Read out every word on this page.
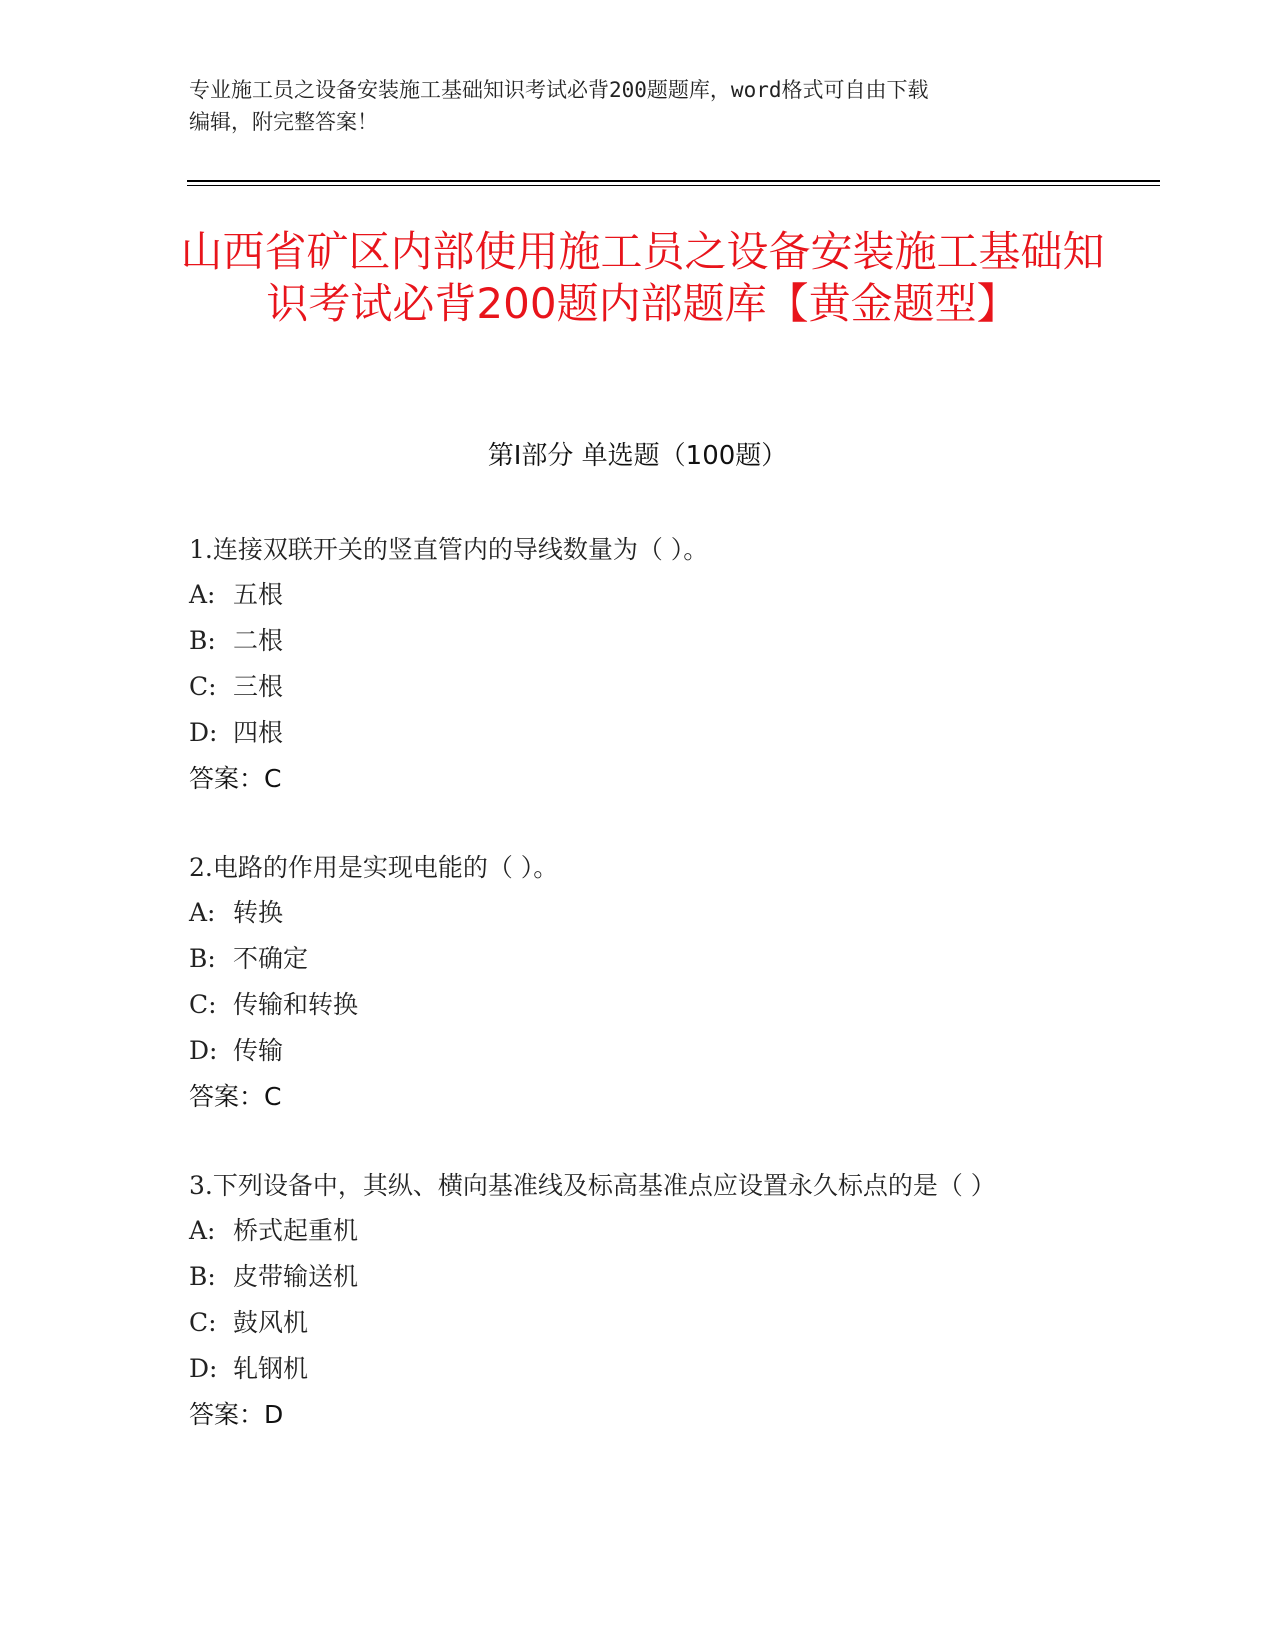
专业施工员之设备安装施工基础知识考试必背200题题库，word格式可自由下载
编辑，附完整答案！
山西省矿区内部使用施工员之设备安装施工基础知识考试必背200题内部题库【黄金题型】
第Ⅰ部分 单选题（100题）
1.连接双联开关的竖直管内的导线数量为（ ）。
A: 五根
B: 二根
C: 三根
D: 四根
答案：C
2.电路的作用是实现电能的（ ）。
A: 转换
B: 不确定
C: 传输和转换
D: 传输
答案：C
3.下列设备中，其纵、横向基准线及标高基准点应设置永久标点的是（ ）
A: 桥式起重机
B: 皮带输送机
C: 鼓风机
D: 轧钢机
答案：D
